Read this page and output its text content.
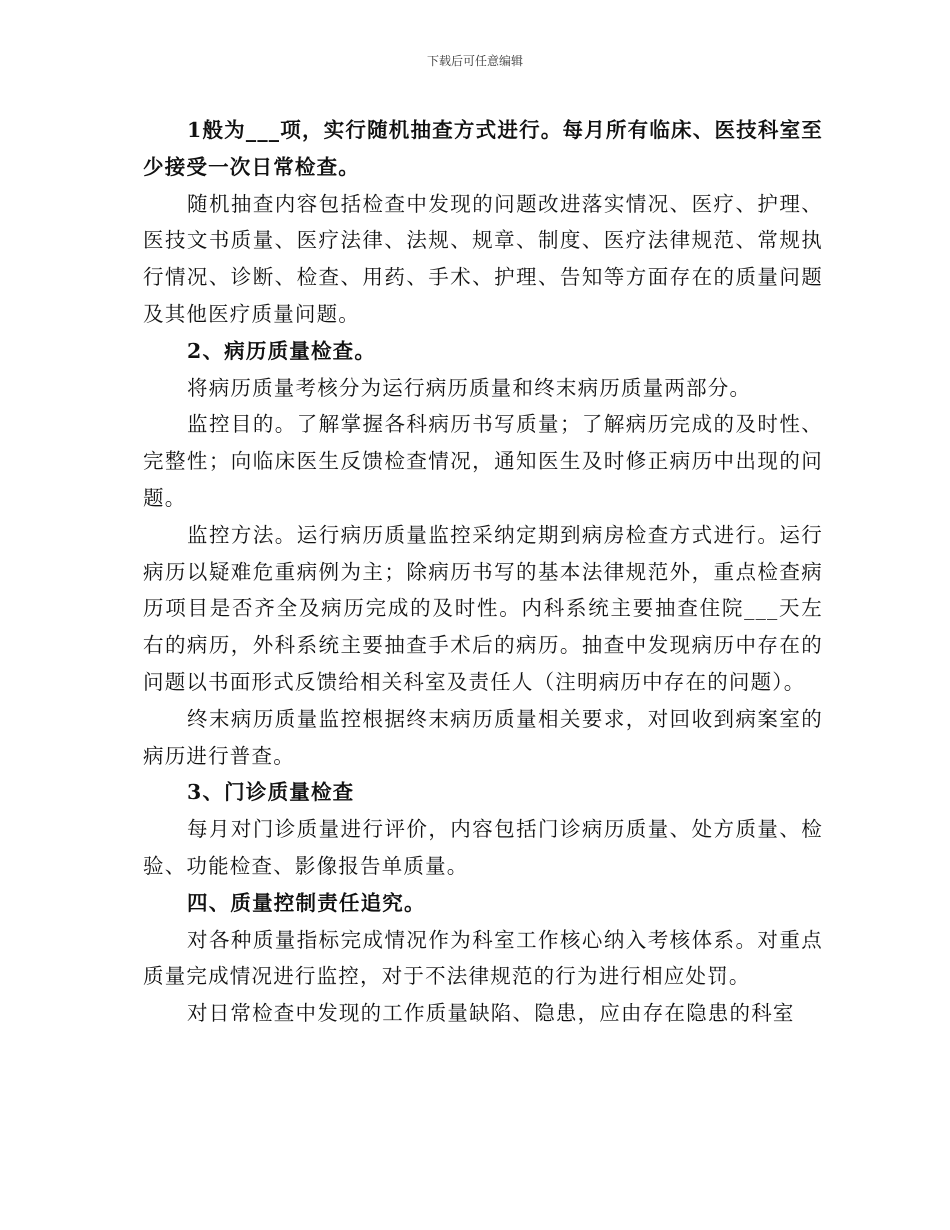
下载后可任意编辑

1般为___项，实行随机抽查方式进行。每月所有临床、医技科室至少接受一次日常检查。

随机抽查内容包括检查中发现的问题改进落实情况、医疗、护理、医技文书质量、医疗法律、法规、规章、制度、医疗法律规范、常规执行情况、诊断、检查、用药、手术、护理、告知等方面存在的质量问题及其他医疗质量问题。

2、病历质量检查。

将病历质量考核分为运行病历质量和终末病历质量两部分。

监控目的。了解掌握各科病历书写质量；了解病历完成的及时性、完整性；向临床医生反馈检查情况，通知医生及时修正病历中出现的问题。

监控方法。运行病历质量监控采纳定期到病房检查方式进行。运行病历以疑难危重病例为主；除病历书写的基本法律规范外，重点检查病历项目是否齐全及病历完成的及时性。内科系统主要抽查住院___天左右的病历，外科系统主要抽查手术后的病历。抽查中发现病历中存在的问题以书面形式反馈给相关科室及责任人（注明病历中存在的问题）。

终末病历质量监控根据终末病历质量相关要求，对回收到病案室的病历进行普查。

3、门诊质量检查

每月对门诊质量进行评价，内容包括门诊病历质量、处方质量、检验、功能检查、影像报告单质量。

四、质量控制责任追究。

对各种质量指标完成情况作为科室工作核心纳入考核体系。对重点质量完成情况进行监控，对于不法律规范的行为进行相应处罚。

对日常检查中发现的工作质量缺陷、隐患，应由存在隐患的科室
